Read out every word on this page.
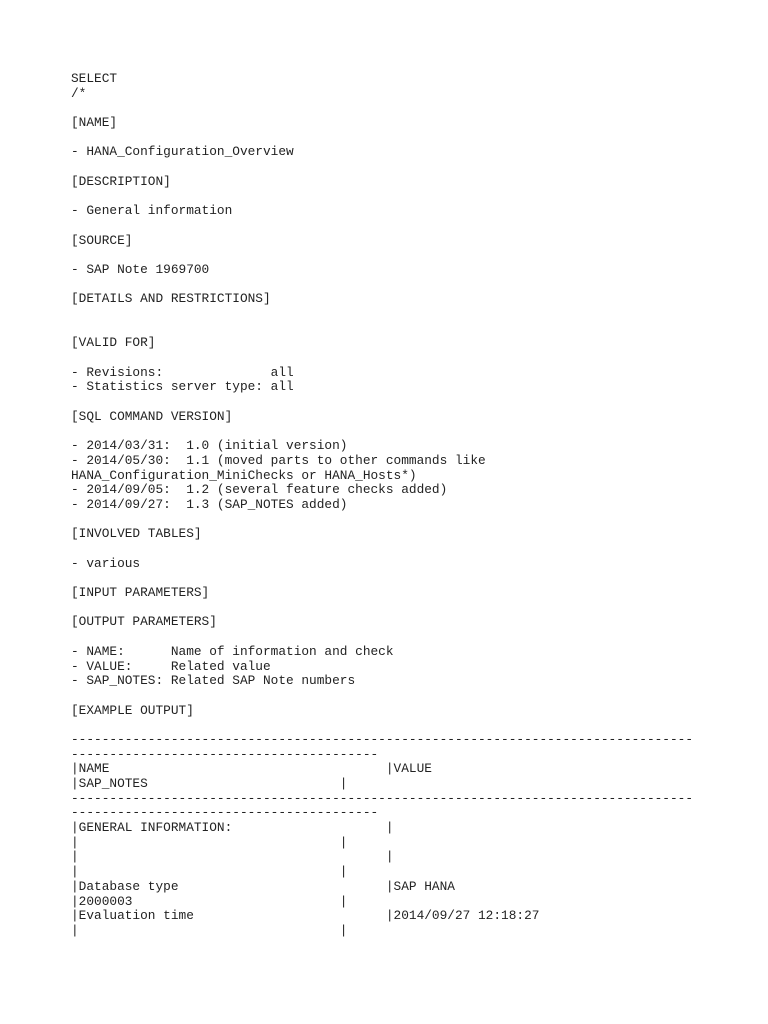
SELECT
/*
[NAME]
- HANA_Configuration_Overview
[DESCRIPTION]
- General information
[SOURCE]
- SAP Note 1969700
[DETAILS AND RESTRICTIONS]
[VALID FOR]
- Revisions:              all
- Statistics server type: all
[SQL COMMAND VERSION]
- 2014/03/31:  1.0 (initial version)
- 2014/05/30:  1.1 (moved parts to other commands like
HANA_Configuration_MiniChecks or HANA_Hosts*)
- 2014/09/05:  1.2 (several feature checks added)
- 2014/09/27:  1.3 (SAP_NOTES added)
[INVOLVED TABLES]
- various
[INPUT PARAMETERS]
[OUTPUT PARAMETERS]
- NAME:      Name of information and check
- VALUE:     Related value
- SAP_NOTES: Related SAP Note numbers
[EXAMPLE OUTPUT]
---------------------------------------------------------------------------------
----------------------------------------
|NAME                                    |VALUE
|SAP_NOTES                         |
---------------------------------------------------------------------------------
----------------------------------------
|GENERAL INFORMATION:                    |
|                                  |
|                                        |
|                                  |
|Database type                           |SAP HANA
|2000003                           |
|Evaluation time                         |2014/09/27 12:18:27
|                                  |
